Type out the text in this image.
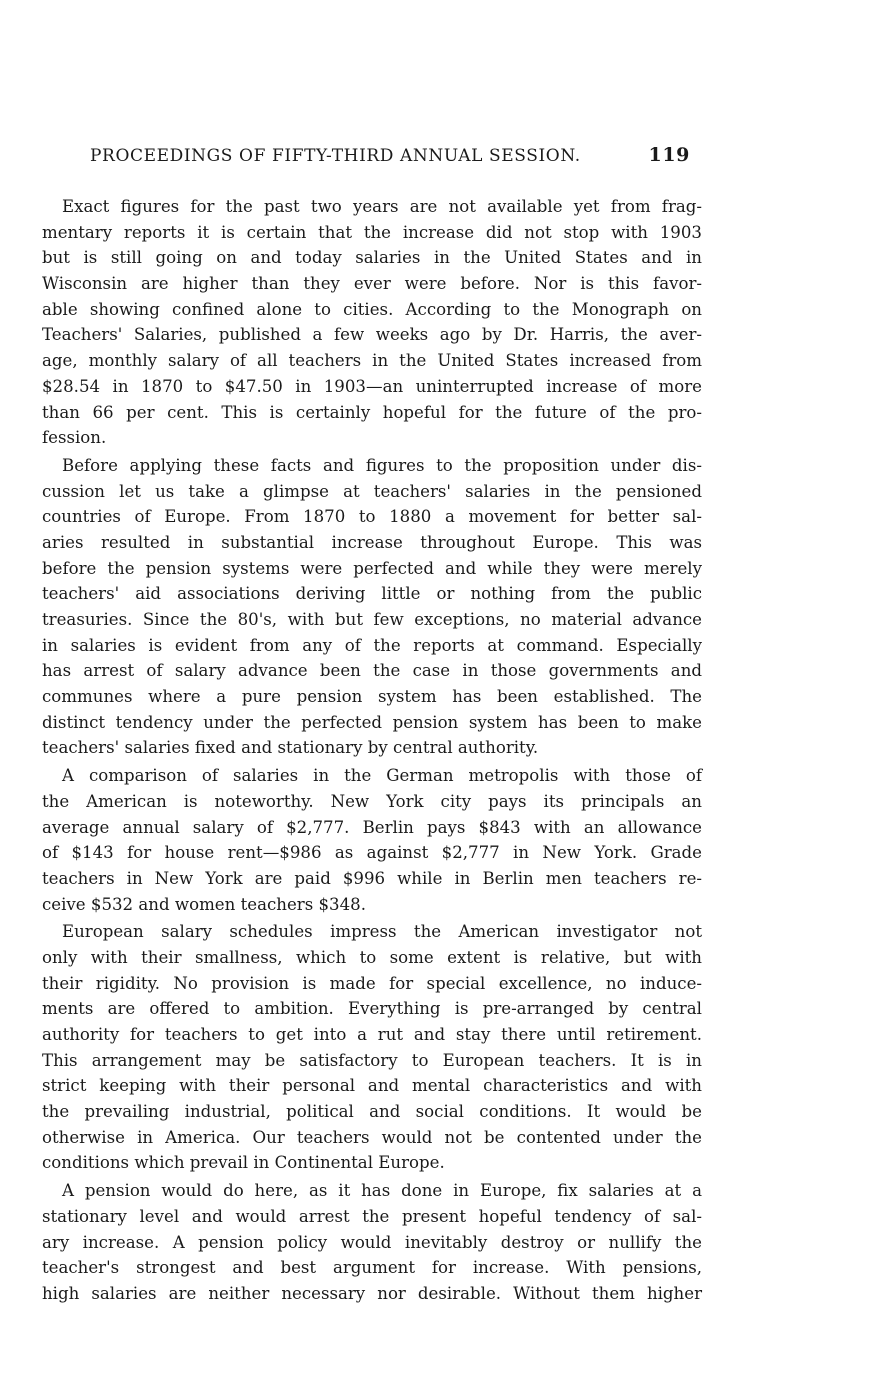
PROCEEDINGS OF FIFTY-THIRD ANNUAL SESSION.	119
Exact figures for the past two years are not available yet from frag-
mentary reports it is certain that the increase did not stop with 1903
but is still going on and today salaries in the United States and in
Wisconsin are higher than they ever were before. Nor is this favor-
able showing confined alone to cities. According to the Monograph on
Teachers' Salaries, published a few weeks ago by Dr. Harris, the aver-
age, monthly salary of all teachers in the United States increased from
$28.54 in 1870 to $47.50 in 1903—an uninterrupted increase of more
than 66 per cent. This is certainly hopeful for the future of the pro-
fession.
Before applying these facts and figures to the proposition under dis-
cussion let us take a glimpse at teachers' salaries in the pensioned
countries of Europe. From 1870 to 1880 a movement for better sal-
aries resulted in substantial increase throughout Europe. This was
before the pension systems were perfected and while they were merely
teachers' aid associations deriving little or nothing from the public
treasuries. Since the 80's, with but few exceptions, no material advance
in salaries is evident from any of the reports at command. Especially
has arrest of salary advance been the case in those governments and
communes where a pure pension system has been established. The
distinct tendency under the perfected pension system has been to make
teachers' salaries fixed and stationary by central authority.
A comparison of salaries in the German metropolis with those of
the American is noteworthy. New York city pays its principals an
average annual salary of $2,777. Berlin pays $843 with an allowance
of $143 for house rent—$986 as against $2,777 in New York. Grade
teachers in New York are paid $996 while in Berlin men teachers re-
ceive $532 and women teachers $348.
European salary schedules impress the American investigator not
only with their smallness, which to some extent is relative, but with
their rigidity. No provision is made for special excellence, no induce-
ments are offered to ambition. Everything is pre-arranged by central
authority for teachers to get into a rut and stay there until retirement.
This arrangement may be satisfactory to European teachers. It is in
strict keeping with their personal and mental characteristics and with
the prevailing industrial, political and social conditions. It would be
otherwise in America. Our teachers would not be contented under the
conditions which prevail in Continental Europe.
A pension would do here, as it has done in Europe, fix salaries at a
stationary level and would arrest the present hopeful tendency of sal-
ary increase. A pension policy would inevitably destroy or nullify the
teacher's strongest and best argument for increase. With pensions,
high salaries are neither necessary nor desirable. Without them higher
